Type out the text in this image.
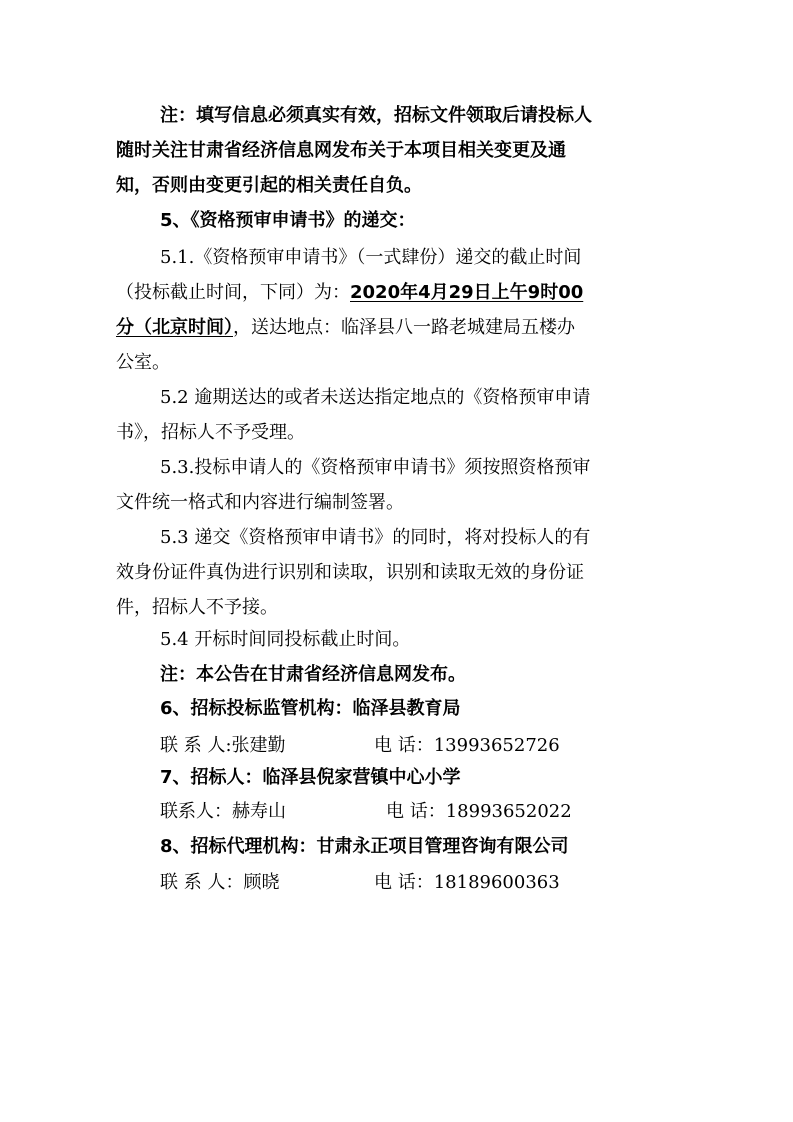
注：填写信息必须真实有效，招标文件领取后请投标人
随时关注甘肃省经济信息网发布关于本项目相关变更及通
知，否则由变更引起的相关责任自负。
5、《资格预审申请书》的递交：
5.1.《资格预审申请书》（一式肆份）递交的截止时间
（投标截止时间，下同）为：2020年4月29日上午9时00
分（北京时间），送达地点：临泽县八一路老城建局五楼办
公室。
5.2 逾期送达的或者未送达指定地点的《资格预审申请
书》，招标人不予受理。
5.3.投标申请人的《资格预审申请书》须按照资格预审
文件统一格式和内容进行编制签署。
5.3 递交《资格预审申请书》的同时，将对投标人的有
效身份证件真伪进行识别和读取，识别和读取无效的身份证
件，招标人不予接。
5.4 开标时间同投标截止时间。
注：本公告在甘肃省经济信息网发布。
6、招标投标监管机构：临泽县教育局
联 系 人:张建勤	电 话：13993652726
7、招标人：临泽县倪家营镇中心小学
联系人：赫寿山	电 话：18993652022
8、招标代理机构：甘肃永正项目管理咨询有限公司
联 系 人：顾晓	电 话：18189600363
